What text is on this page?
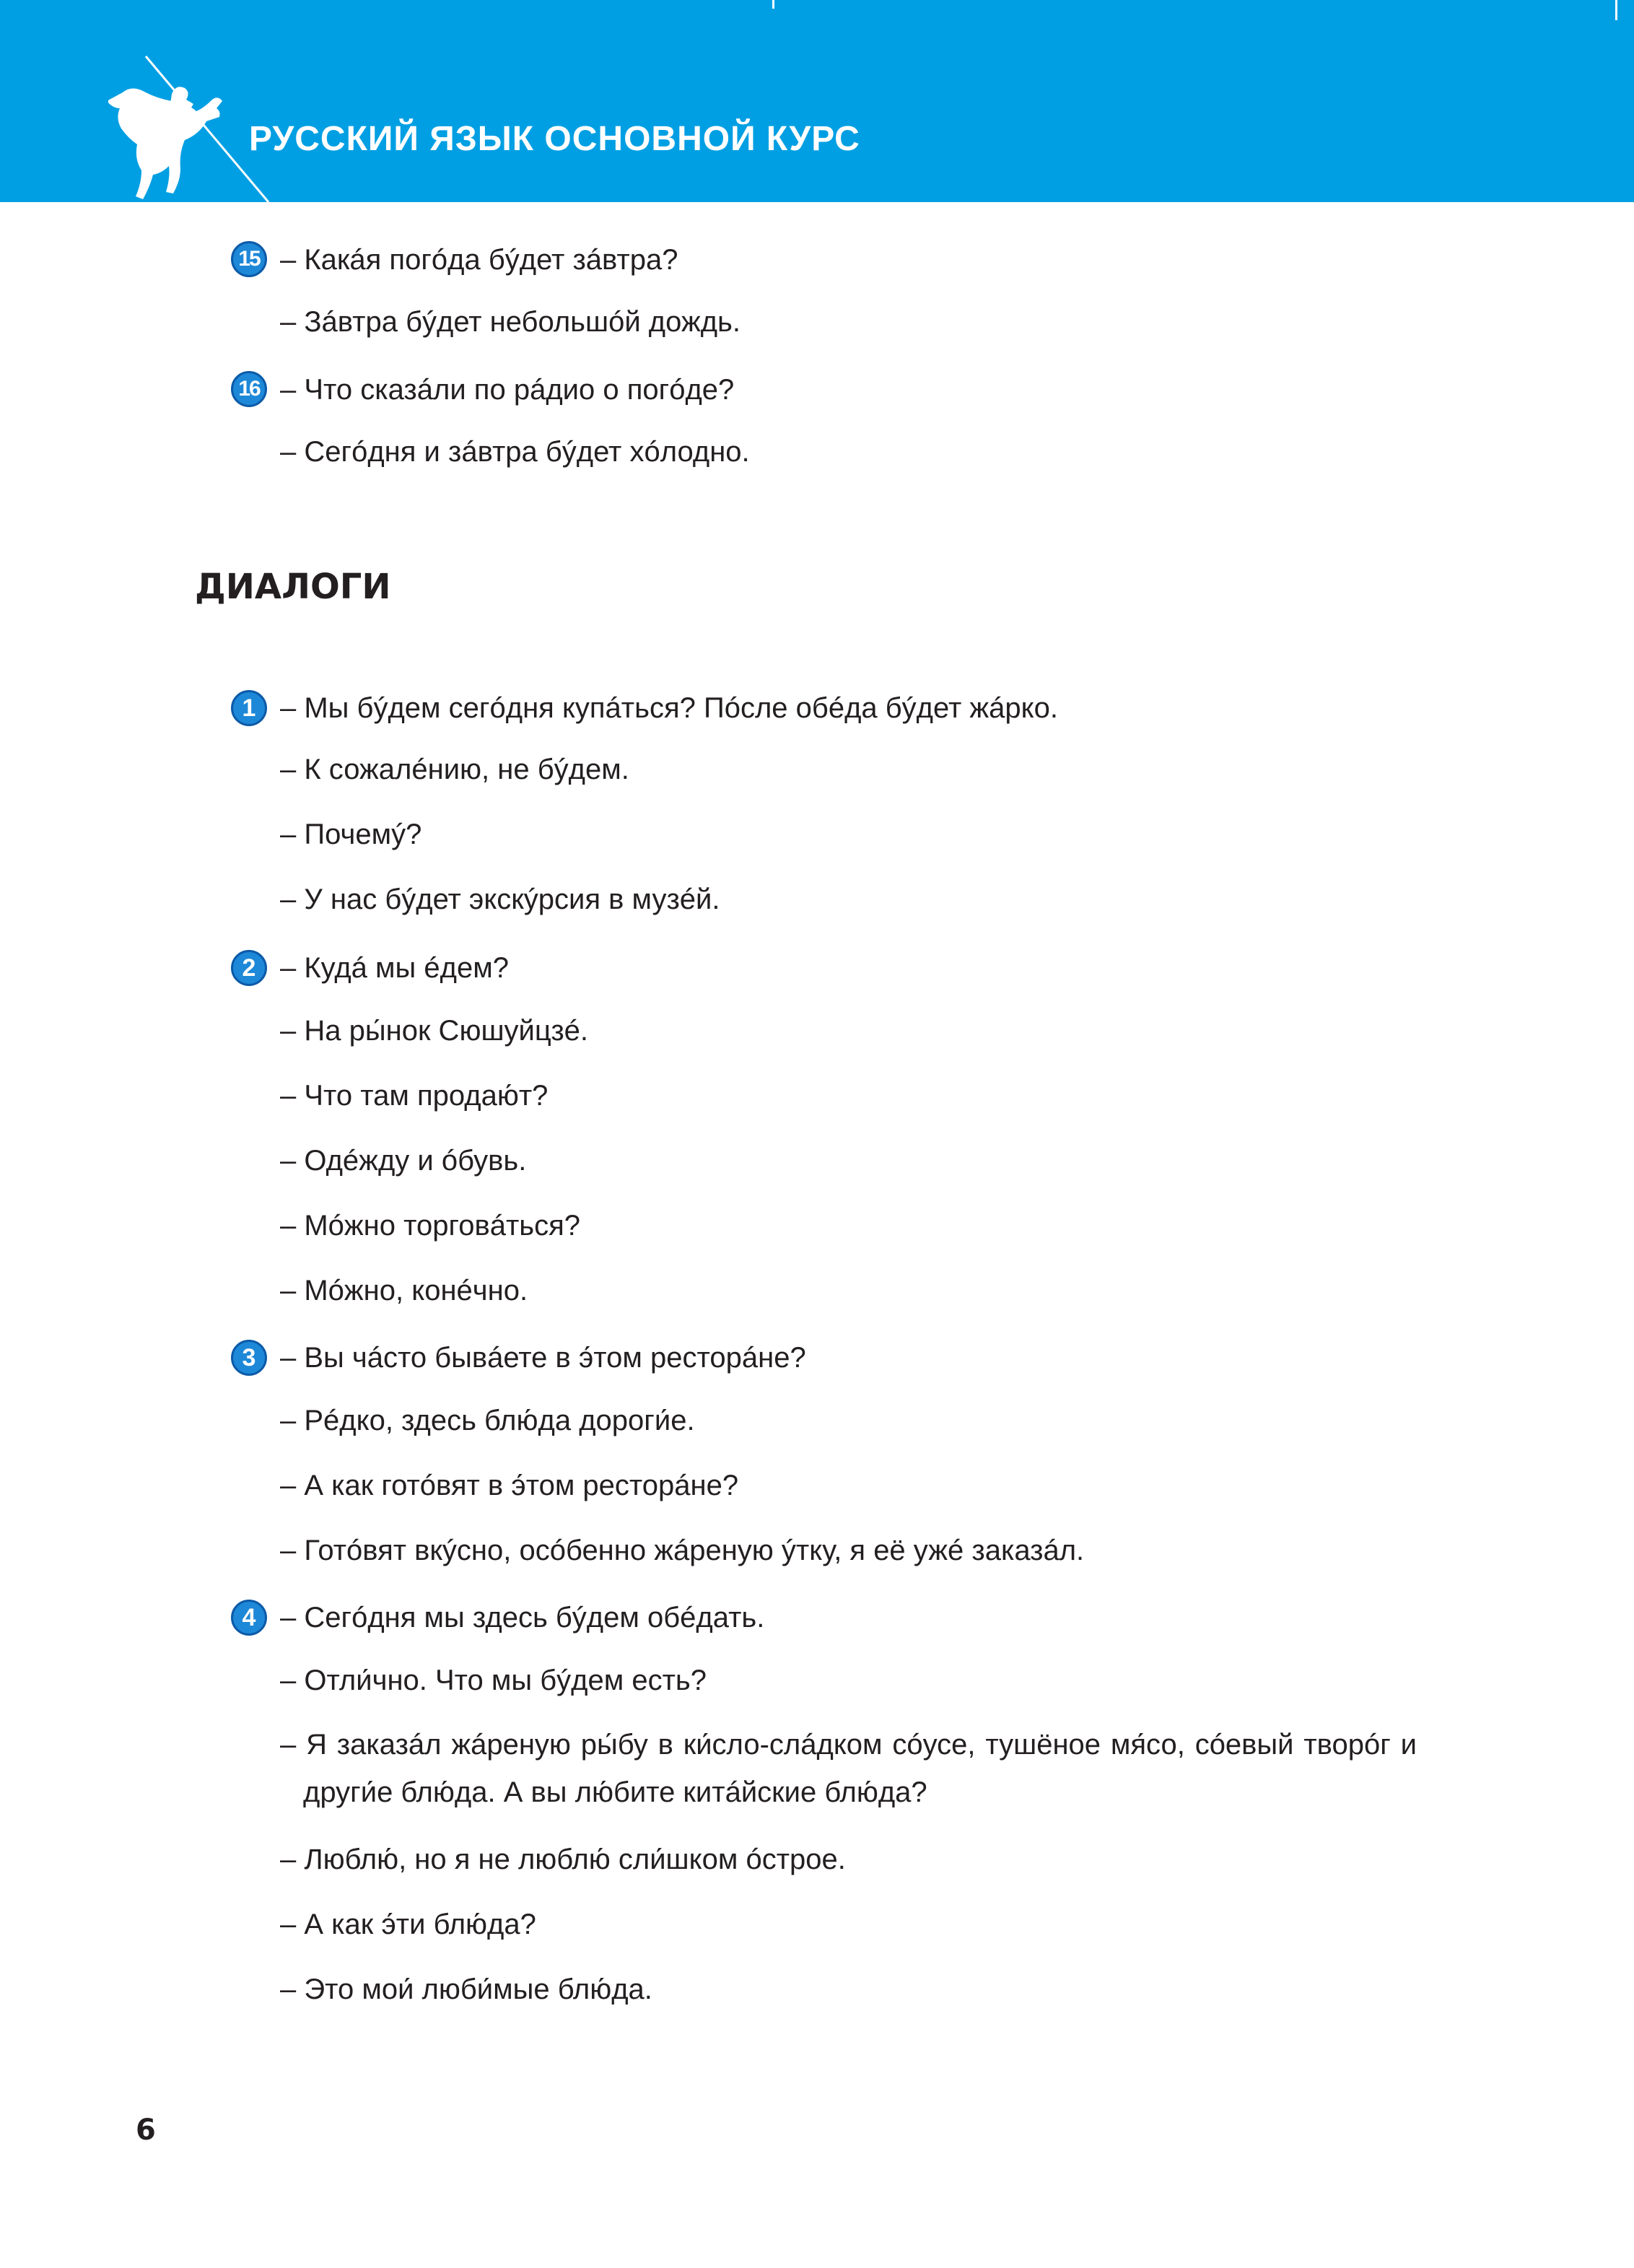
РУССКИЙ ЯЗЫК ОСНОВНОЙ КУРС
15 – Какáя погóда бýдет зáвтра?
– Зáвтра бýдет небольшóй дождь.
16 – Что сказáли по рáдио о погóде?
– Сегóдня и зáвтра бýдет хóлодно.
ДИАЛОГИ
1 – Мы бýдем сегóдня купáться? Пóсле обéда бýдет жáрко.
– К сожалéнию, не бýдем.
– Почемý?
– У нас бýдет экскýрсия в музéй.
2 – Кудá мы éдем?
– На ры́нок Сюшуйцзé.
– Что там продаю́т?
– Одéжду и óбувь.
– Мóжно торговáться?
– Мóжно, конéчно.
3 – Вы чáсто бывáете в э́том ресторáне?
– Рéдко, здесь блю́да дороги́е.
– А как готóвят в э́том ресторáне?
– Готóвят вкýсно, осóбенно жáреную ýтку, я её ужé заказáл.
4 – Сегóдня мы здесь бýдем обéдать.
– Отли́чно. Что мы бýдем есть?
– Я заказáл жáреную ры́бу в ки́сло-слáдком сóусе, тушёное мя́со, сóевый творóг и други́е блю́да. А вы лю́бите китáйские блю́да?
– Люблю́, но я не люблю́ сли́шком óстрое.
– А как э́ти блю́да?
– Это мои́ люби́мые блю́да.
6
